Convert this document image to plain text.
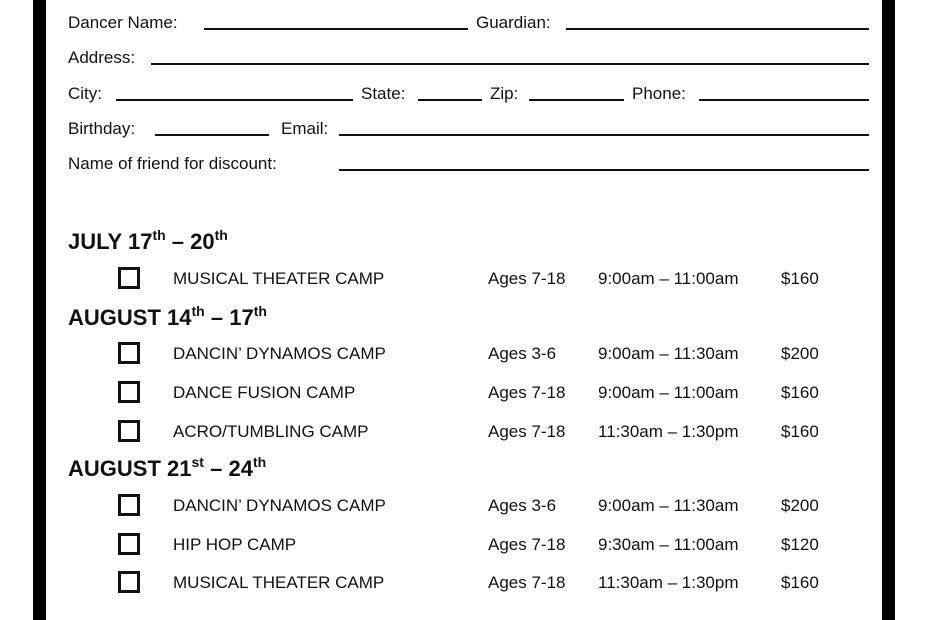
Dancer Name:	Guardian:
Address:
City:	State:	Zip:	Phone:
Birthday:	Email:
Name of friend for discount:
JULY 17th – 20th
MUSICAL THEATER CAMP	Ages 7-18 9:00am – 11:00am	$160
AUGUST 14th – 17th
DANCIN’ DYNAMOS CAMP	Ages 3-6 9:00am – 11:30am	$200
DANCE FUSION CAMP	Ages 7-18 9:00am – 11:00am	$160
ACRO/TUMBLING CAMP	Ages 7-18 11:30am – 1:30pm	$160
AUGUST 21st – 24th
DANCIN’ DYNAMOS CAMP	Ages 3-6 9:00am – 11:30am	$200
HIP HOP CAMP	Ages 7-18 9:30am – 11:00am	$120
MUSICAL THEATER CAMP	Ages 7-18 11:30am – 1:30pm	$160
